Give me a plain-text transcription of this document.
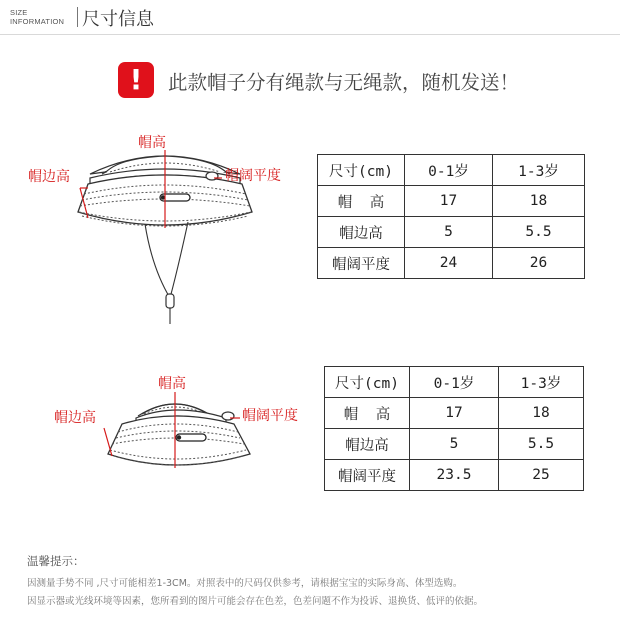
SIZE
INFORMATION 尺寸信息
!	此款帽子分有绳款与无绳款，随机发送！
帽高
帽边高	帽阔平度
帽高
帽边高	帽阔平度
尺寸(cm)	0-1岁	1-3岁
帽  高	17	18
帽边高	5	5.5
帽阔平度	24	26
尺寸(cm)	0-1岁	1-3岁
帽  高	17	18
帽边高	5	5.5
帽阔平度	23.5	25
温馨提示：
因测量手势不同 ,尺寸可能相差1-3CM。对照表中的尺码仅供参考，请根据宝宝的实际身高、体型选购。
因显示器或光线环境等因素，您所看到的图片可能会存在色差，色差问题不作为投诉、退换货、低评的依据。
